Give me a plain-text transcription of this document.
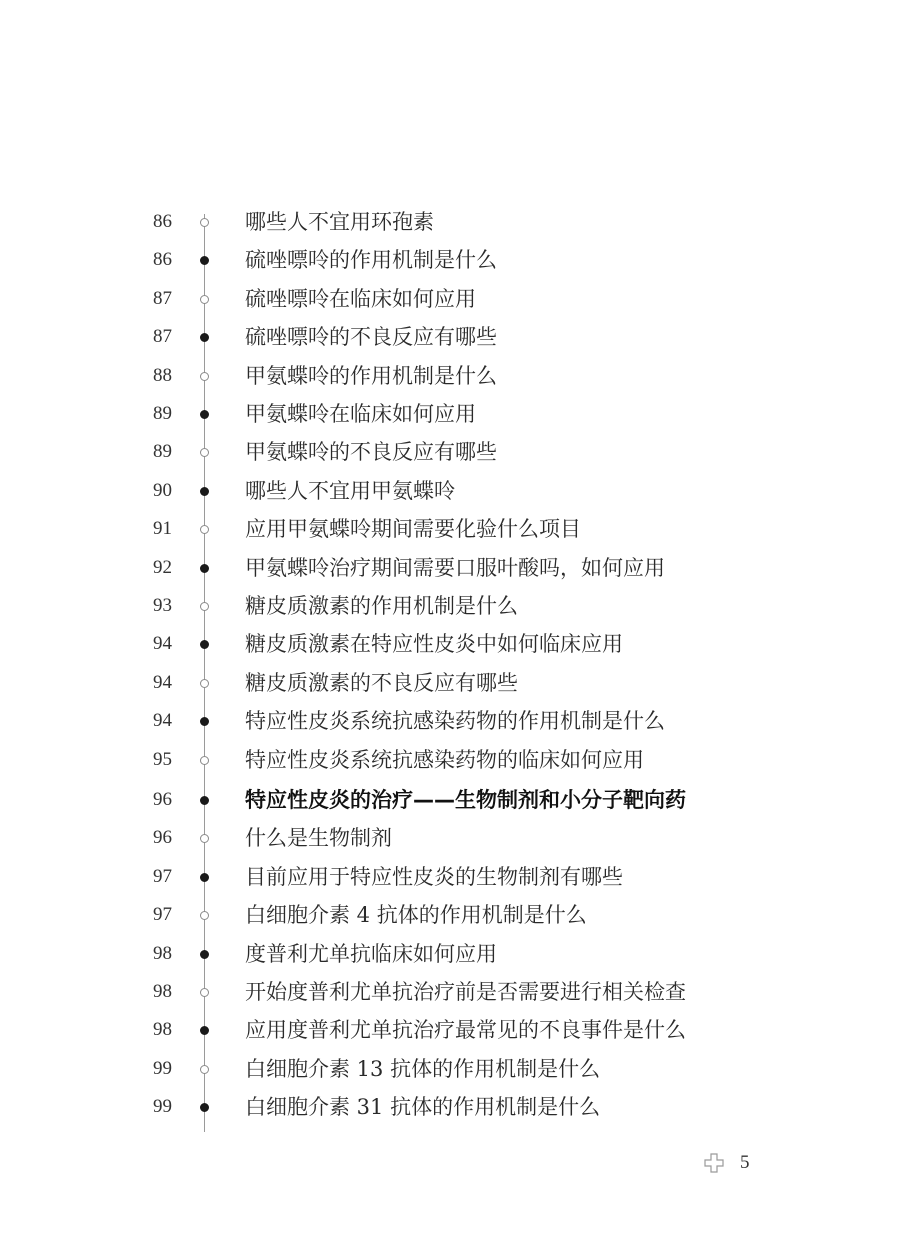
86	哪些人不宜用环孢素
86	硫唑嘌呤的作用机制是什么
87	硫唑嘌呤在临床如何应用
87	硫唑嘌呤的不良反应有哪些
88	甲氨蝶呤的作用机制是什么
89	甲氨蝶呤在临床如何应用
89	甲氨蝶呤的不良反应有哪些
90	哪些人不宜用甲氨蝶呤
91	应用甲氨蝶呤期间需要化验什么项目
92	甲氨蝶呤治疗期间需要口服叶酸吗，如何应用
93	糖皮质激素的作用机制是什么
94	糖皮质激素在特应性皮炎中如何临床应用
94	糖皮质激素的不良反应有哪些
94	特应性皮炎系统抗感染药物的作用机制是什么
95	特应性皮炎系统抗感染药物的临床如何应用
96	特应性皮炎的治疗——生物制剂和小分子靶向药
96	什么是生物制剂
97	目前应用于特应性皮炎的生物制剂有哪些
97	白细胞介素 4 抗体的作用机制是什么
98	度普利尤单抗临床如何应用
98	开始度普利尤单抗治疗前是否需要进行相关检查
98	应用度普利尤单抗治疗最常见的不良事件是什么
99	白细胞介素 13 抗体的作用机制是什么
99	白细胞介素 31 抗体的作用机制是什么
5
